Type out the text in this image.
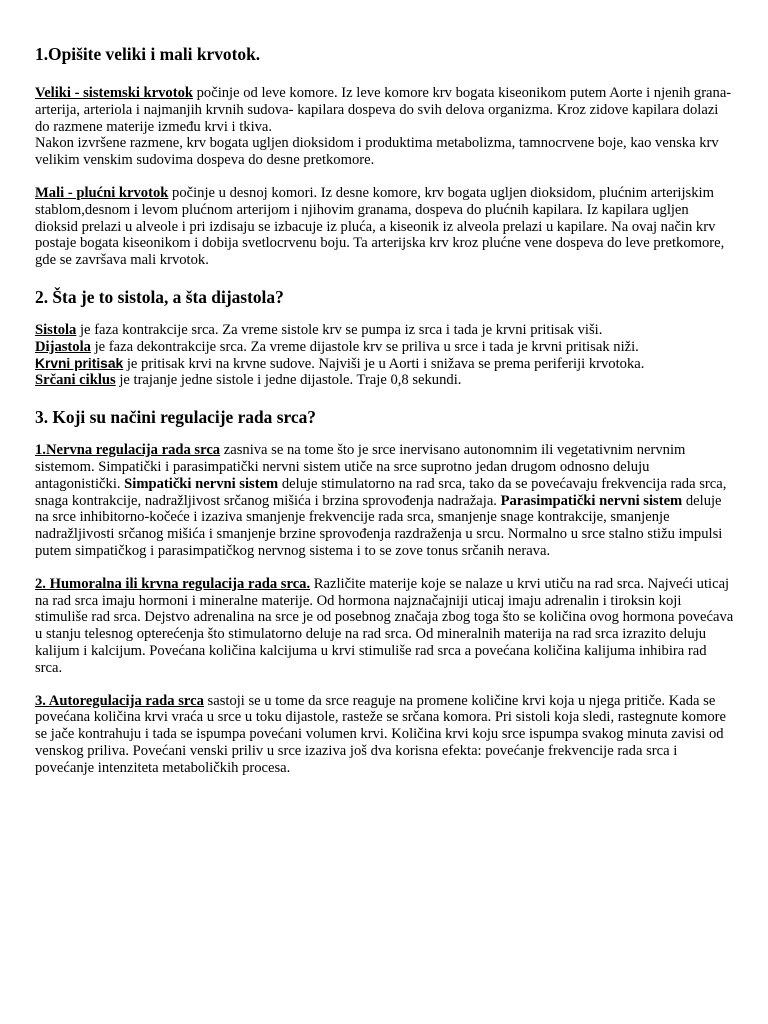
1.Opišite veliki i mali krvotok.

Veliki - sistemski krvotok počinje od leve komore. Iz leve komore krv bogata kiseonikom putem Aorte i njenih grana-arterija, arteriola i najmanjih krvnih sudova- kapilara dospeva do svih delova organizma. Kroz zidove kapilara dolazi do razmene materije između krvi i tkiva.

Nakon izvršene razmene, krv bogata ugljen dioksidom i produktima metabolizma, tamnocrvene boje, kao venska krv velikim venskim sudovima dospeva do desne pretkomore.

Mali - plućni krvotok počinje u desnoj komori. Iz desne komore, krv bogata ugljen dioksidom, plućnim arterijskim stablom,desnom i levom plućnom arterijom i njihovim granama, dospeva do plućnih kapilara. Iz kapilara ugljen dioksid prelazi u alveole i pri izdisaju se izbacuje iz pluća, a kiseonik iz alveola prelazi u kapilare. Na ovaj način krv postaje bogata kiseonikom i dobija svetlocrvenu boju. Ta arterijska krv kroz plućne vene dospeva do leve pretkomore, gde se završava mali krvotok.

2. Šta je to sistola, a šta dijastola?

Sistola je faza kontrakcije srca. Za vreme sistole krv se pumpa iz srca i tada je krvni pritisak viši.

Dijastola je faza dekontrakcije srca. Za vreme dijastole krv se priliva u srce i tada je krvni pritisak niži.

Krvni pritisak je pritisak krvi na krvne sudove. Najviši je u Aorti i snižava se prema periferiji krvotoka.

Srčani ciklus je trajanje jedne sistole i jedne dijastole. Traje 0,8 sekundi.

3. Koji su načini regulacije rada srca?

1.Nervna regulacija rada srca zasniva se na tome što je srce inervisano autonomnim ili vegetativnim nervnim sistemom. Simpatički i parasimpatički nervni sistem utiče na srce suprotno jedan drugom odnosno deluju antagonistički. Simpatički nervni sistem deluje stimulatorno na rad srca, tako da se povećavaju frekvencija rada srca, snaga kontrakcije, nadražljivost srčanog mišića i brzina sprovođenja nadražaja. Parasimpatički nervni sistem deluje na srce inhibitorno-kočeće i izaziva smanjenje frekvencije rada srca, smanjenje snage kontrakcije, smanjenje nadražljivosti srčanog mišića i smanjenje brzine sprovođenja razdraženja u srcu. Normalno u srce stalno stižu impulsi putem simpatičkog i parasimpatičkog nervnog sistema i to se zove tonus srčanih nerava.

2. Humoralna ili krvna regulacija rada srca. Različite materije koje se nalaze u krvi utiču na rad srca. Najveći uticaj na rad srca imaju hormoni i mineralne materije. Od hormona najznačajniji uticaj imaju adrenalin i tiroksin koji stimuliše rad srca. Dejstvo adrenalina na srce je od posebnog značaja zbog toga što se količina ovog hormona povećava u stanju telesnog opterećenja što stimulatorno deluje na rad srca. Od mineralnih materija na rad srca izrazito deluju kalijum i kalcijum. Povećana količina kalcijuma u krvi stimuliše rad srca a povećana količina kalijuma inhibira rad srca.

3. Autoregulacija rada srca sastoji se u tome da srce reaguje na promene količine krvi koja u njega pritiče. Kada se povećana količina krvi vraća u srce u toku dijastole, rasteže se srčana komora. Pri sistoli koja sledi, rastegnute komore se jače kontrahuju i tada se ispumpa povećani volumen krvi. Količina krvi koju srce ispumpa svakog minuta zavisi od venskog priliva. Povećani venski priliv u srce izaziva još dva korisna efekta: povećanje frekvencije rada srca i povećanje intenziteta metaboličkih procesa.
